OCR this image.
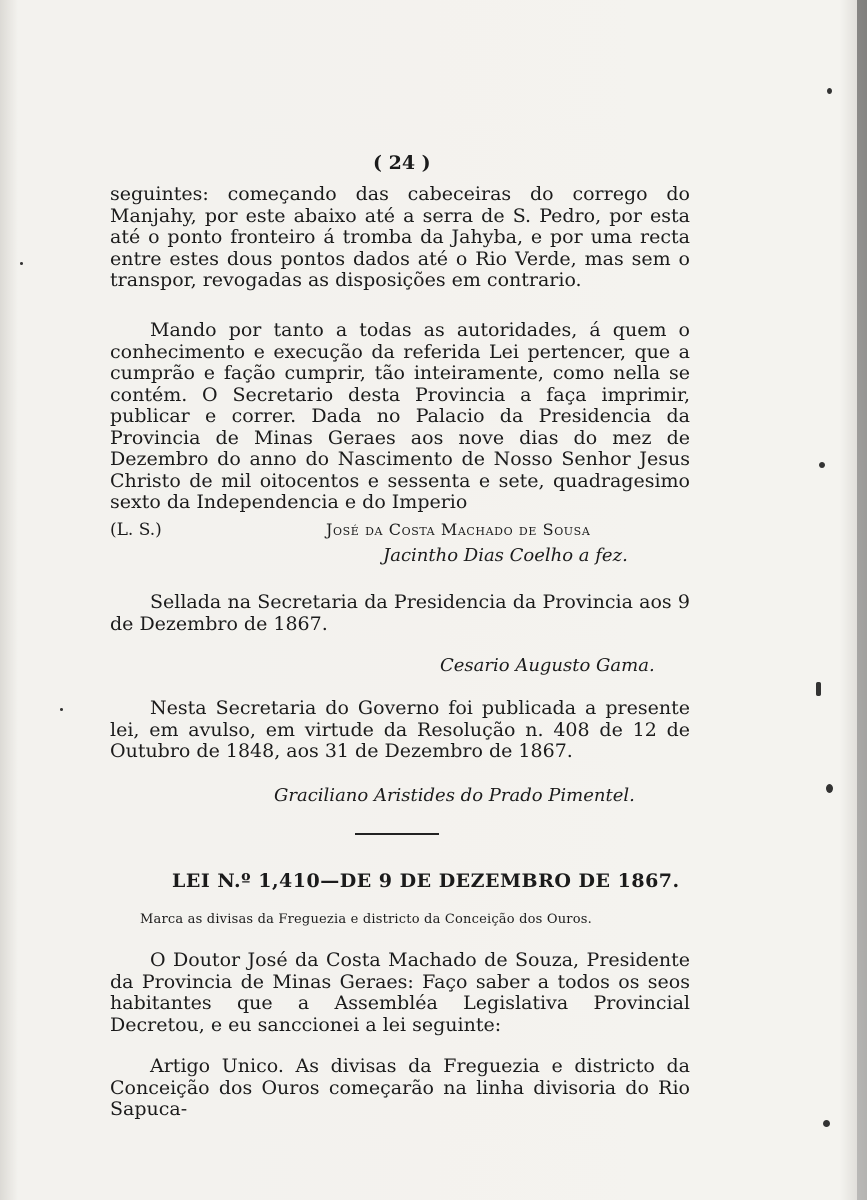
( 24 )

seguintes: começando das cabeceiras do corrego do Manjahy, por este abaixo até a serra de S. Pedro, por esta até o ponto fronteiro á tromba da Jahyba, e por uma recta entre estes dous pontos dados até o Rio Verde, mas sem o transpor, revogadas as disposições em contrario.

Mando por tanto a todas as autoridades, á quem o conhecimento e execução da referida Lei pertencer, que a cumprão e fação cumprir, tão inteiramente, como nella se contém. O Secretario desta Provincia a faça imprimir, publicar e correr. Dada no Palacio da Presidencia da Provincia de Minas Geraes aos nove dias do mez de Dezembro do anno do Nascimento de Nosso Senhor Jesus Christo de mil oitocentos e sessenta e sete, quadragesimo sexto da Independencia e do Imperio

(L. S.)	José da Costa Machado de Sousa
Jacintho Dias Coelho a fez.

Sellada na Secretaria da Presidencia da Provincia aos 9 de Dezembro de 1867.

Cesario Augusto Gama.

Nesta Secretaria do Governo foi publicada a presente lei, em avulso, em virtude da Resolução n. 408 de 12 de Outubro de 1848, aos 31 de Dezembro de 1867.

Graciliano Aristides do Prado Pimentel.
LEI N.º 1,410—DE 9 DE DEZEMBRO DE 1867.
Marca as divisas da Freguezia e districto da Conceição dos Ouros.

O Doutor José da Costa Machado de Souza, Presidente da Provincia de Minas Geraes: Faço saber a todos os seos habitantes que a Assembléa Legislativa Provincial Decretou, e eu sanccionei a lei seguinte:

Artigo Unico. As divisas da Freguezia e districto da Conceição dos Ouros começarão na linha divisoria do Rio Sapuca-
